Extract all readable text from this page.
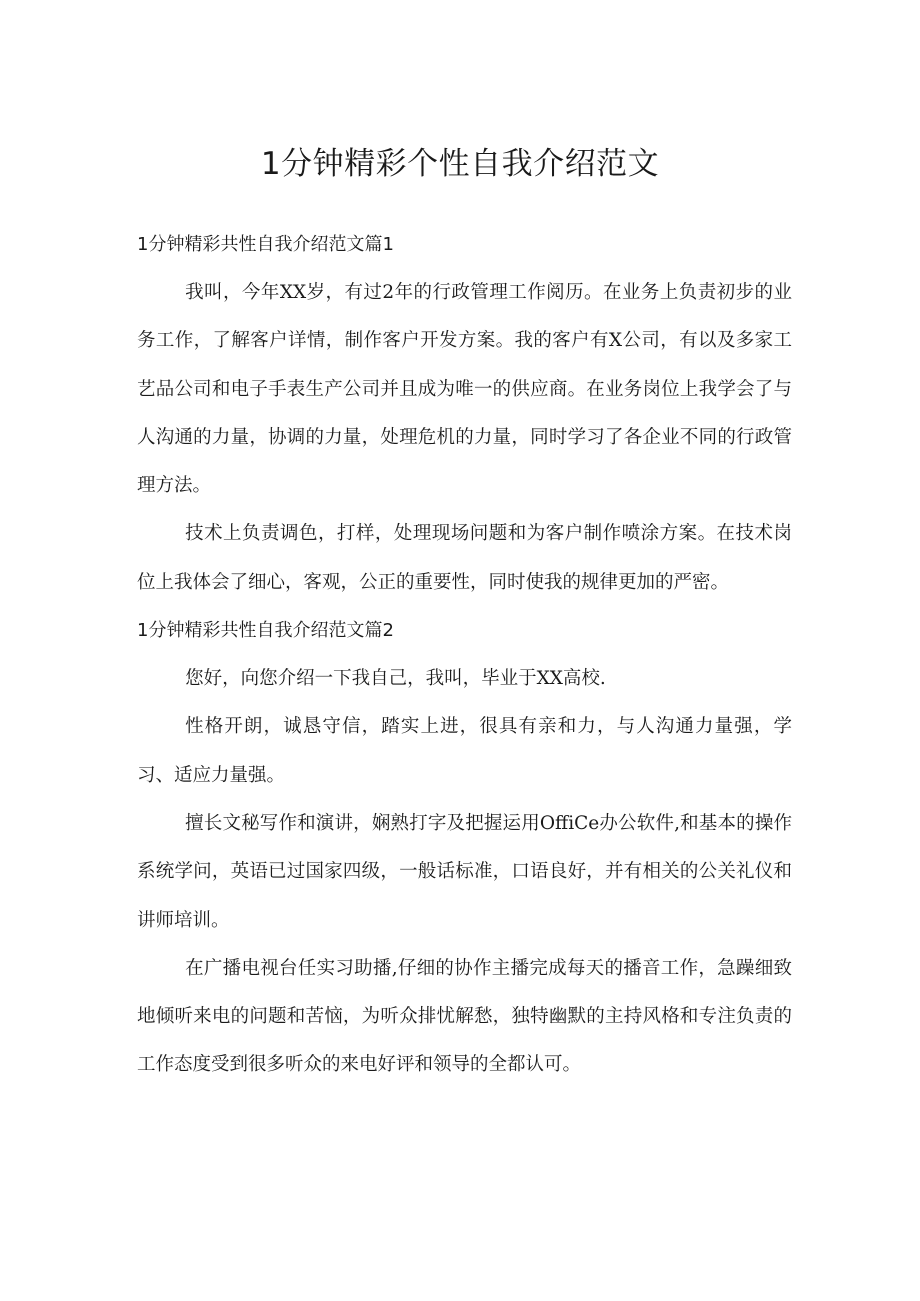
1分钟精彩个性自我介绍范文
1分钟精彩共性自我介绍范文篇1

我叫，今年XX岁，有过2年的行政管理工作阅历。在业务上负责初步的业务工作，了解客户详情，制作客户开发方案。我的客户有X公司，有以及多家工艺品公司和电子手表生产公司并且成为唯一的供应商。在业务岗位上我学会了与人沟通的力量，协调的力量，处理危机的力量，同时学习了各企业不同的行政管理方法。

技术上负责调色，打样，处理现场问题和为客户制作喷涂方案。在技术岗位上我体会了细心，客观，公正的重要性，同时使我的规律更加的严密。

1分钟精彩共性自我介绍范文篇2

您好，向您介绍一下我自己，我叫，毕业于XX高校.

性格开朗，诚恳守信，踏实上进，很具有亲和力，与人沟通力量强，学习、适应力量强。

擅长文秘写作和演讲，娴熟打字及把握运用OffiCe办公软件,和基本的操作系统学问，英语已过国家四级，一般话标准，口语良好，并有相关的公关礼仪和讲师培训。

在广播电视台任实习助播,仔细的协作主播完成每天的播音工作，急躁细致地倾听来电的问题和苦恼，为听众排忧解愁，独特幽默的主持风格和专注负责的工作态度受到很多听众的来电好评和领导的全都认可。
